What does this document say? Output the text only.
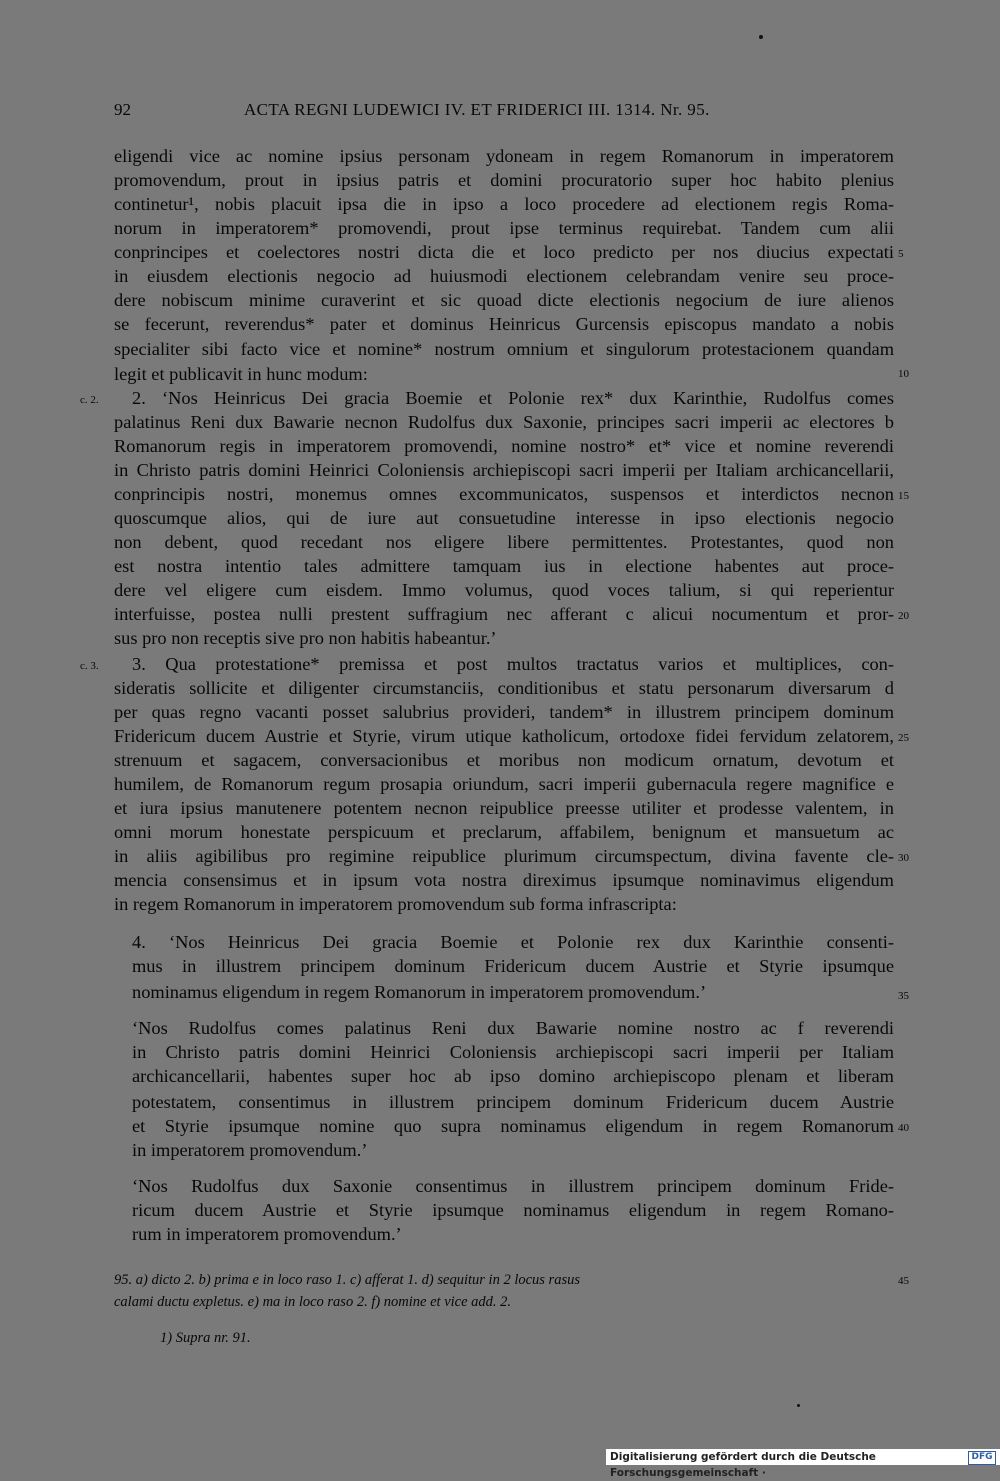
92	ACTA REGNI LUDEWICI IV. ET FRIDERICI III. 1314. Nr. 95.
eligendi vice ac nomine ipsius personam ydoneam in regem Romanorum in imperatorem
promovendum, prout in ipsius patris et domini procuratorio super hoc habito plenius
continetur¹, nobis placuit ipsa die in ipso a loco procedere ad electionem regis Roma-
norum in imperatorem* promovendi, prout ipse terminus requirebat. Tandem cum alii
conprincipes et coelectores nostri dicta die et loco predicto per nos diucius expectati
in eiusdem electionis negocio ad huiusmodi electionem celebrandam venire seu proce-
dere nobiscum minime curaverint et sic quoad dicte electionis negocium de iure alienos
se fecerunt, reverendus* pater et dominus Heinricus Gurcensis episcopus mandato a nobis
specialiter sibi facto vice et nomine* nostrum omnium et singulorum protestacionem quandam
legit et publicavit in hunc modum:
2. ʻNos Heinricus Dei gracia Boemie et Polonie rex* dux Karinthie, Rudolfus comes
palatinus Reni dux Bawarie necnon Rudolfus dux Saxonie, principes sacri imperii ac electores b
Romanorum regis in imperatorem promovendi, nomine nostro* et* vice et nomine reverendi
in Christo patris domini Heinrici Coloniensis archiepiscopi sacri imperii per Italiam archicancellarii,
conprincipis nostri, monemus omnes excommunicatos, suspensos et interdictos necnon
quoscumque alios, qui de iure aut consuetudine interesse in ipso electionis negocio
non debent, quod recedant nos eligere libere permittentes. Protestantes, quod non
est nostra intentio tales admittere tamquam ius in electione habentes aut proce-
dere vel eligere cum eisdem. Immo volumus, quod voces talium, si qui reperientur
interfuisse, postea nulli prestent suffragium nec afferant c alicui nocumentum et pror-
sus pro non receptis sive pro non habitis habeantur.ʼ
3. Qua protestatione* premissa et post multos tractatus varios et multiplices, con-
sideratis sollicite et diligenter circumstanciis, conditionibus et statu personarum diversarum d
per quas regno vacanti posset salubrius provideri, tandem* in illustrem principem dominum
Fridericum ducem Austrie et Styrie, virum utique katholicum, ortodoxe fidei fervidum zelatorem,
strenuum et sagacem, conversacionibus et moribus non modicum ornatum, devotum et
humilem, de Romanorum regum prosapia oriundum, sacri imperii gubernacula regere magnifice e
et iura ipsius manutenere potentem necnon reipublice preesse utiliter et prodesse valentem, in
omni morum honestate perspicuum et preclarum, affabilem, benignum et mansuetum ac
in aliis agibilibus pro regimine reipublice plurimum circumspectum, divina favente cle-
mencia consensimus et in ipsum vota nostra direximus ipsumque nominavimus eligendum
in regem Romanorum in imperatorem promovendum sub forma infrascripta:
4. ʻNos Heinricus Dei gracia Boemie et Polonie rex dux Karinthie consenti-
mus in illustrem principem dominum Fridericum ducem Austrie et Styrie ipsumque
nominamus eligendum in regem Romanorum in imperatorem promovendum.ʼ
ʻNos Rudolfus comes palatinus Reni dux Bawarie nomine nostro ac f reverendi
in Christo patris domini Heinrici Coloniensis archiepiscopi sacri imperii per Italiam
archicancellarii, habentes super hoc ab ipso domino archiepiscopo plenam et liberam
potestatem, consentimus in illustrem principem dominum Fridericum ducem Austrie
et Styrie ipsumque nomine quo supra nominamus eligendum in regem Romanorum
in imperatorem promovendum.ʼ
ʻNos Rudolfus dux Saxonie consentimus in illustrem principem dominum Fride-
ricum ducem Austrie et Styrie ipsumque nominamus eligendum in regem Romano-
rum in imperatorem promovendum.ʼ
c. 2.
c. 3.
5
10
15
20
25
30
35
40
95. a) dicto 2. b) prima e in loco raso 1. c) afferat 1. d) sequitur in 2 locus rasus
calami ductu expletus. e) ma in loco raso 2. f) nomine et vice add. 2.
45
1) Supra nr. 91.
Digitalisierung gefördert durch die Deutsche Forschungsgemeinschaft ·
DFG
